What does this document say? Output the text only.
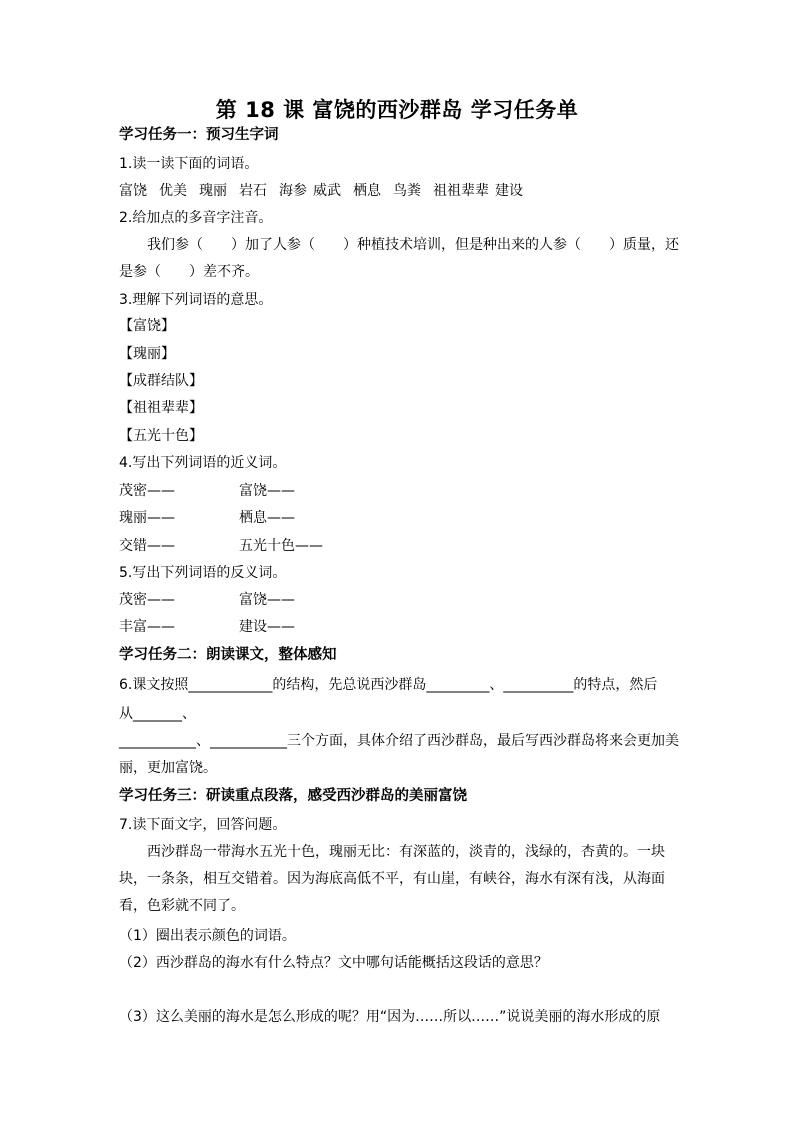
第 18 课 富饶的西沙群岛 学习任务单
学习任务一：预习生字词
1.读一读下面的词语。
富饶 优美 瑰丽 岩石 海参 威武 栖息 鸟粪 祖祖辈辈 建设
2.给加点的多音字注音。
我们参（　　）加了人参（　　）种植技术培训，但是种出来的人参（　　）质量，还是参（　　）差不齐。
3.理解下列词语的意思。
【富饶】
【瑰丽】
【成群结队】
【祖祖辈辈】
【五光十色】
4.写出下列词语的近义词。
茂密——	富饶——
瑰丽——	栖息——
交错——	五光十色——
5.写出下列词语的反义词。
茂密——	富饶——
丰富——	建设——
学习任务二：朗读课文，整体感知
6.课文按照____________的结构，先总说西沙群岛_________、__________的特点，然后
从_______、
___________、___________三个方面，具体介绍了西沙群岛，最后写西沙群岛将来会更加美
丽，更加富饶。
学习任务三：研读重点段落，感受西沙群岛的美丽富饶
7.读下面文字，回答问题。
西沙群岛一带海水五光十色，瑰丽无比：有深蓝的，淡青的，浅绿的，杏黄的。一块块，一条条，相互交错着。因为海底高低不平，有山崖，有峡谷，海水有深有浅，从海面看，色彩就不同了。
（1）圈出表示颜色的词语。
（2）西沙群岛的海水有什么特点？文中哪句话能概括这段话的意思？
（3）这么美丽的海水是怎么形成的呢？用“因为……所以……”说说美丽的海水形成的原
